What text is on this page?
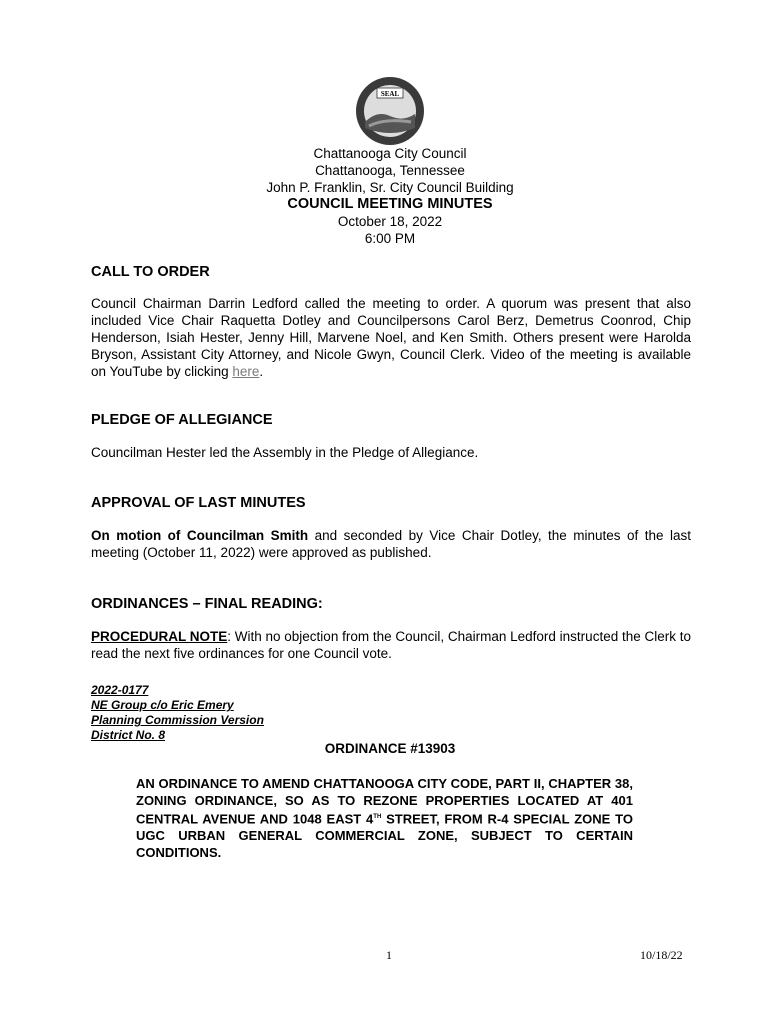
SEAL
Chattanooga City Council
Chattanooga, Tennessee
John P. Franklin, Sr. City Council Building
COUNCIL MEETING MINUTES
October 18, 2022
6:00 PM
CALL TO ORDER

Council Chairman Darrin Ledford called the meeting to order. A quorum was present that also included Vice Chair Raquetta Dotley and Councilpersons Carol Berz, Demetrus Coonrod, Chip Henderson, Isiah Hester, Jenny Hill, Marvene Noel, and Ken Smith. Others present were Harolda Bryson, Assistant City Attorney, and Nicole Gwyn, Council Clerk. Video of the meeting is available on YouTube by clicking here.

PLEDGE OF ALLEGIANCE

Councilman Hester led the Assembly in the Pledge of Allegiance.

APPROVAL OF LAST MINUTES

On motion of Councilman Smith and seconded by Vice Chair Dotley, the minutes of the last meeting (October 11, 2022) were approved as published.

ORDINANCES – FINAL READING:

PROCEDURAL NOTE: With no objection from the Council, Chairman Ledford instructed the Clerk to read the next five ordinances for one Council vote.

2022-0177
NE Group c/o Eric Emery
Planning Commission Version
District No. 8
ORDINANCE #13903
AN ORDINANCE TO AMEND CHATTANOOGA CITY CODE, PART II, CHAPTER 38, ZONING ORDINANCE, SO AS TO REZONE PROPERTIES LOCATED AT 401 CENTRAL AVENUE AND 1048 EAST 4TH STREET, FROM R-4 SPECIAL ZONE TO UGC URBAN GENERAL COMMERCIAL ZONE, SUBJECT TO CERTAIN CONDITIONS.
1	10/18/22
